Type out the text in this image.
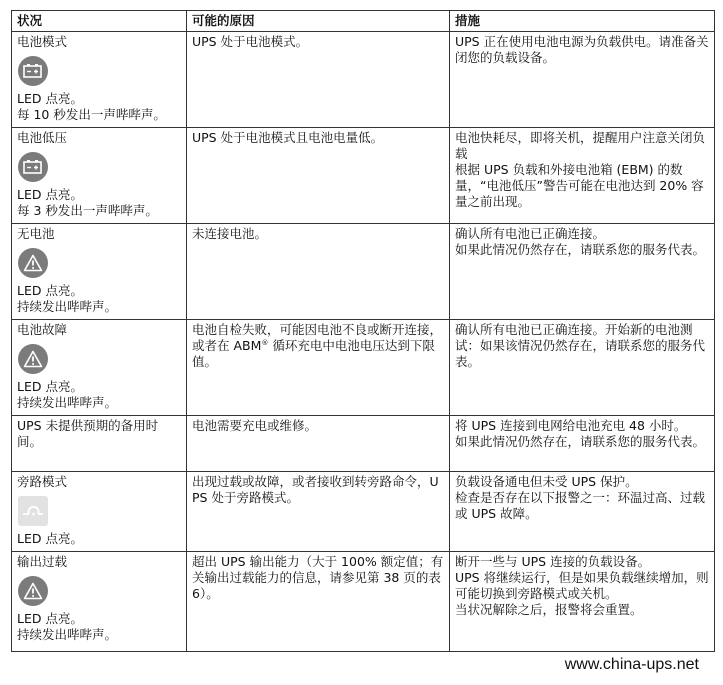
状况	可能的原因	措施

电池模式
LED 点亮。
每 10 秒发出一声哔哔声。	UPS 处于电池模式。	UPS 正在使用电池电源为负载供电。请准备关闭您的负载设备。

电池低压
LED 点亮。
每 3 秒发出一声哔哔声。	UPS 处于电池模式且电池电量低。	电池快耗尽，即将关机，提醒用户注意关闭负载
根据 UPS 负载和外接电池箱 (EBM) 的数量，“电池低压”警告可能在电池达到 20% 容量之前出现。

无电池
LED 点亮。
持续发出哔哔声。	未连接电池。	确认所有电池已正确连接。
如果此情况仍然存在，请联系您的服务代表。

电池故障
LED 点亮。
持续发出哔哔声。	电池自检失败，可能因电池不良或断开连接，或者在 ABM® 循环充电中电池电压达到下限值。	确认所有电池已正确连接。开始新的电池测试：如果该情况仍然存在，请联系您的服务代表。

UPS 未提供预期的备用时间。	电池需要充电或维修。	将 UPS 连接到电网给电池充电 48 小时。
如果此情况仍然存在，请联系您的服务代表。

旁路模式
LED 点亮。	出现过载或故障，或者接收到转旁路命令，UPS 处于旁路模式。	负载设备通电但未受 UPS 保护。
检查是否存在以下报警之一：环温过高、过载或 UPS 故障。

输出过载
LED 点亮。
持续发出哔哔声。	超出 UPS 输出能力（大于 100% 额定值；有关输出过载能力的信息，请参见第 38 页的表 6）。	断开一些与 UPS 连接的负载设备。
UPS 将继续运行，但是如果负载继续增加，则可能切换到旁路模式或关机。
当状况解除之后，报警将会重置。
www.china-ups.net
